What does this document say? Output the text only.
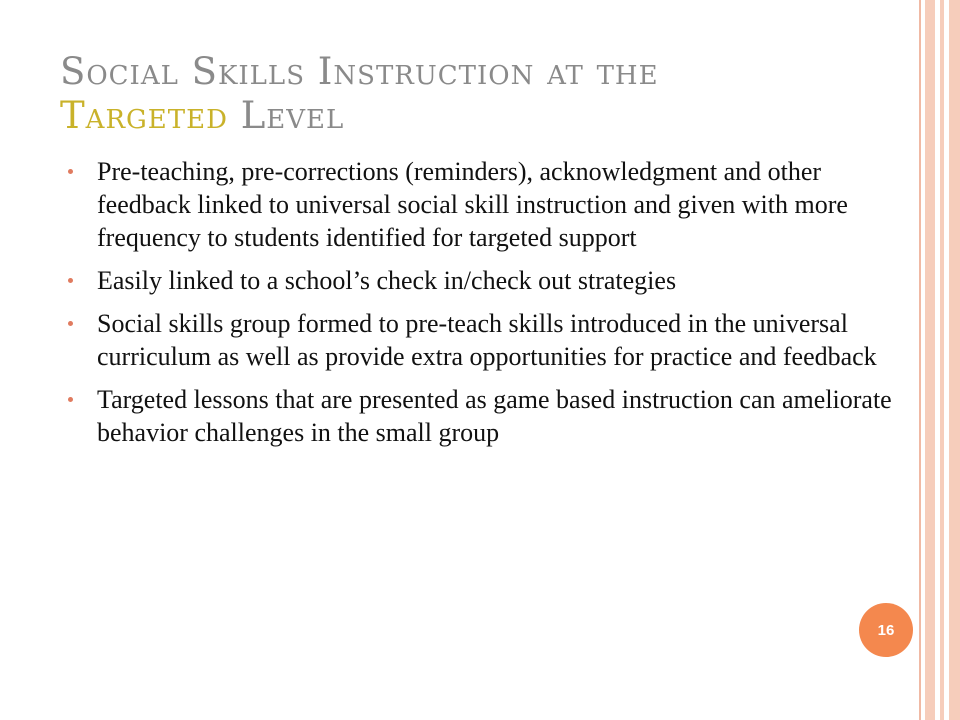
Social Skills Instruction at the
Targeted Level
Pre-teaching, pre-corrections (reminders), acknowledgment and other feedback linked to universal social skill instruction and given with more frequency to students identified for targeted support
Easily linked to a school’s check in/check out strategies
Social skills group formed to pre-teach skills introduced in the universal curriculum as well as provide extra opportunities for practice and feedback
Targeted lessons that are presented as game based instruction can ameliorate behavior challenges in the small group
16
